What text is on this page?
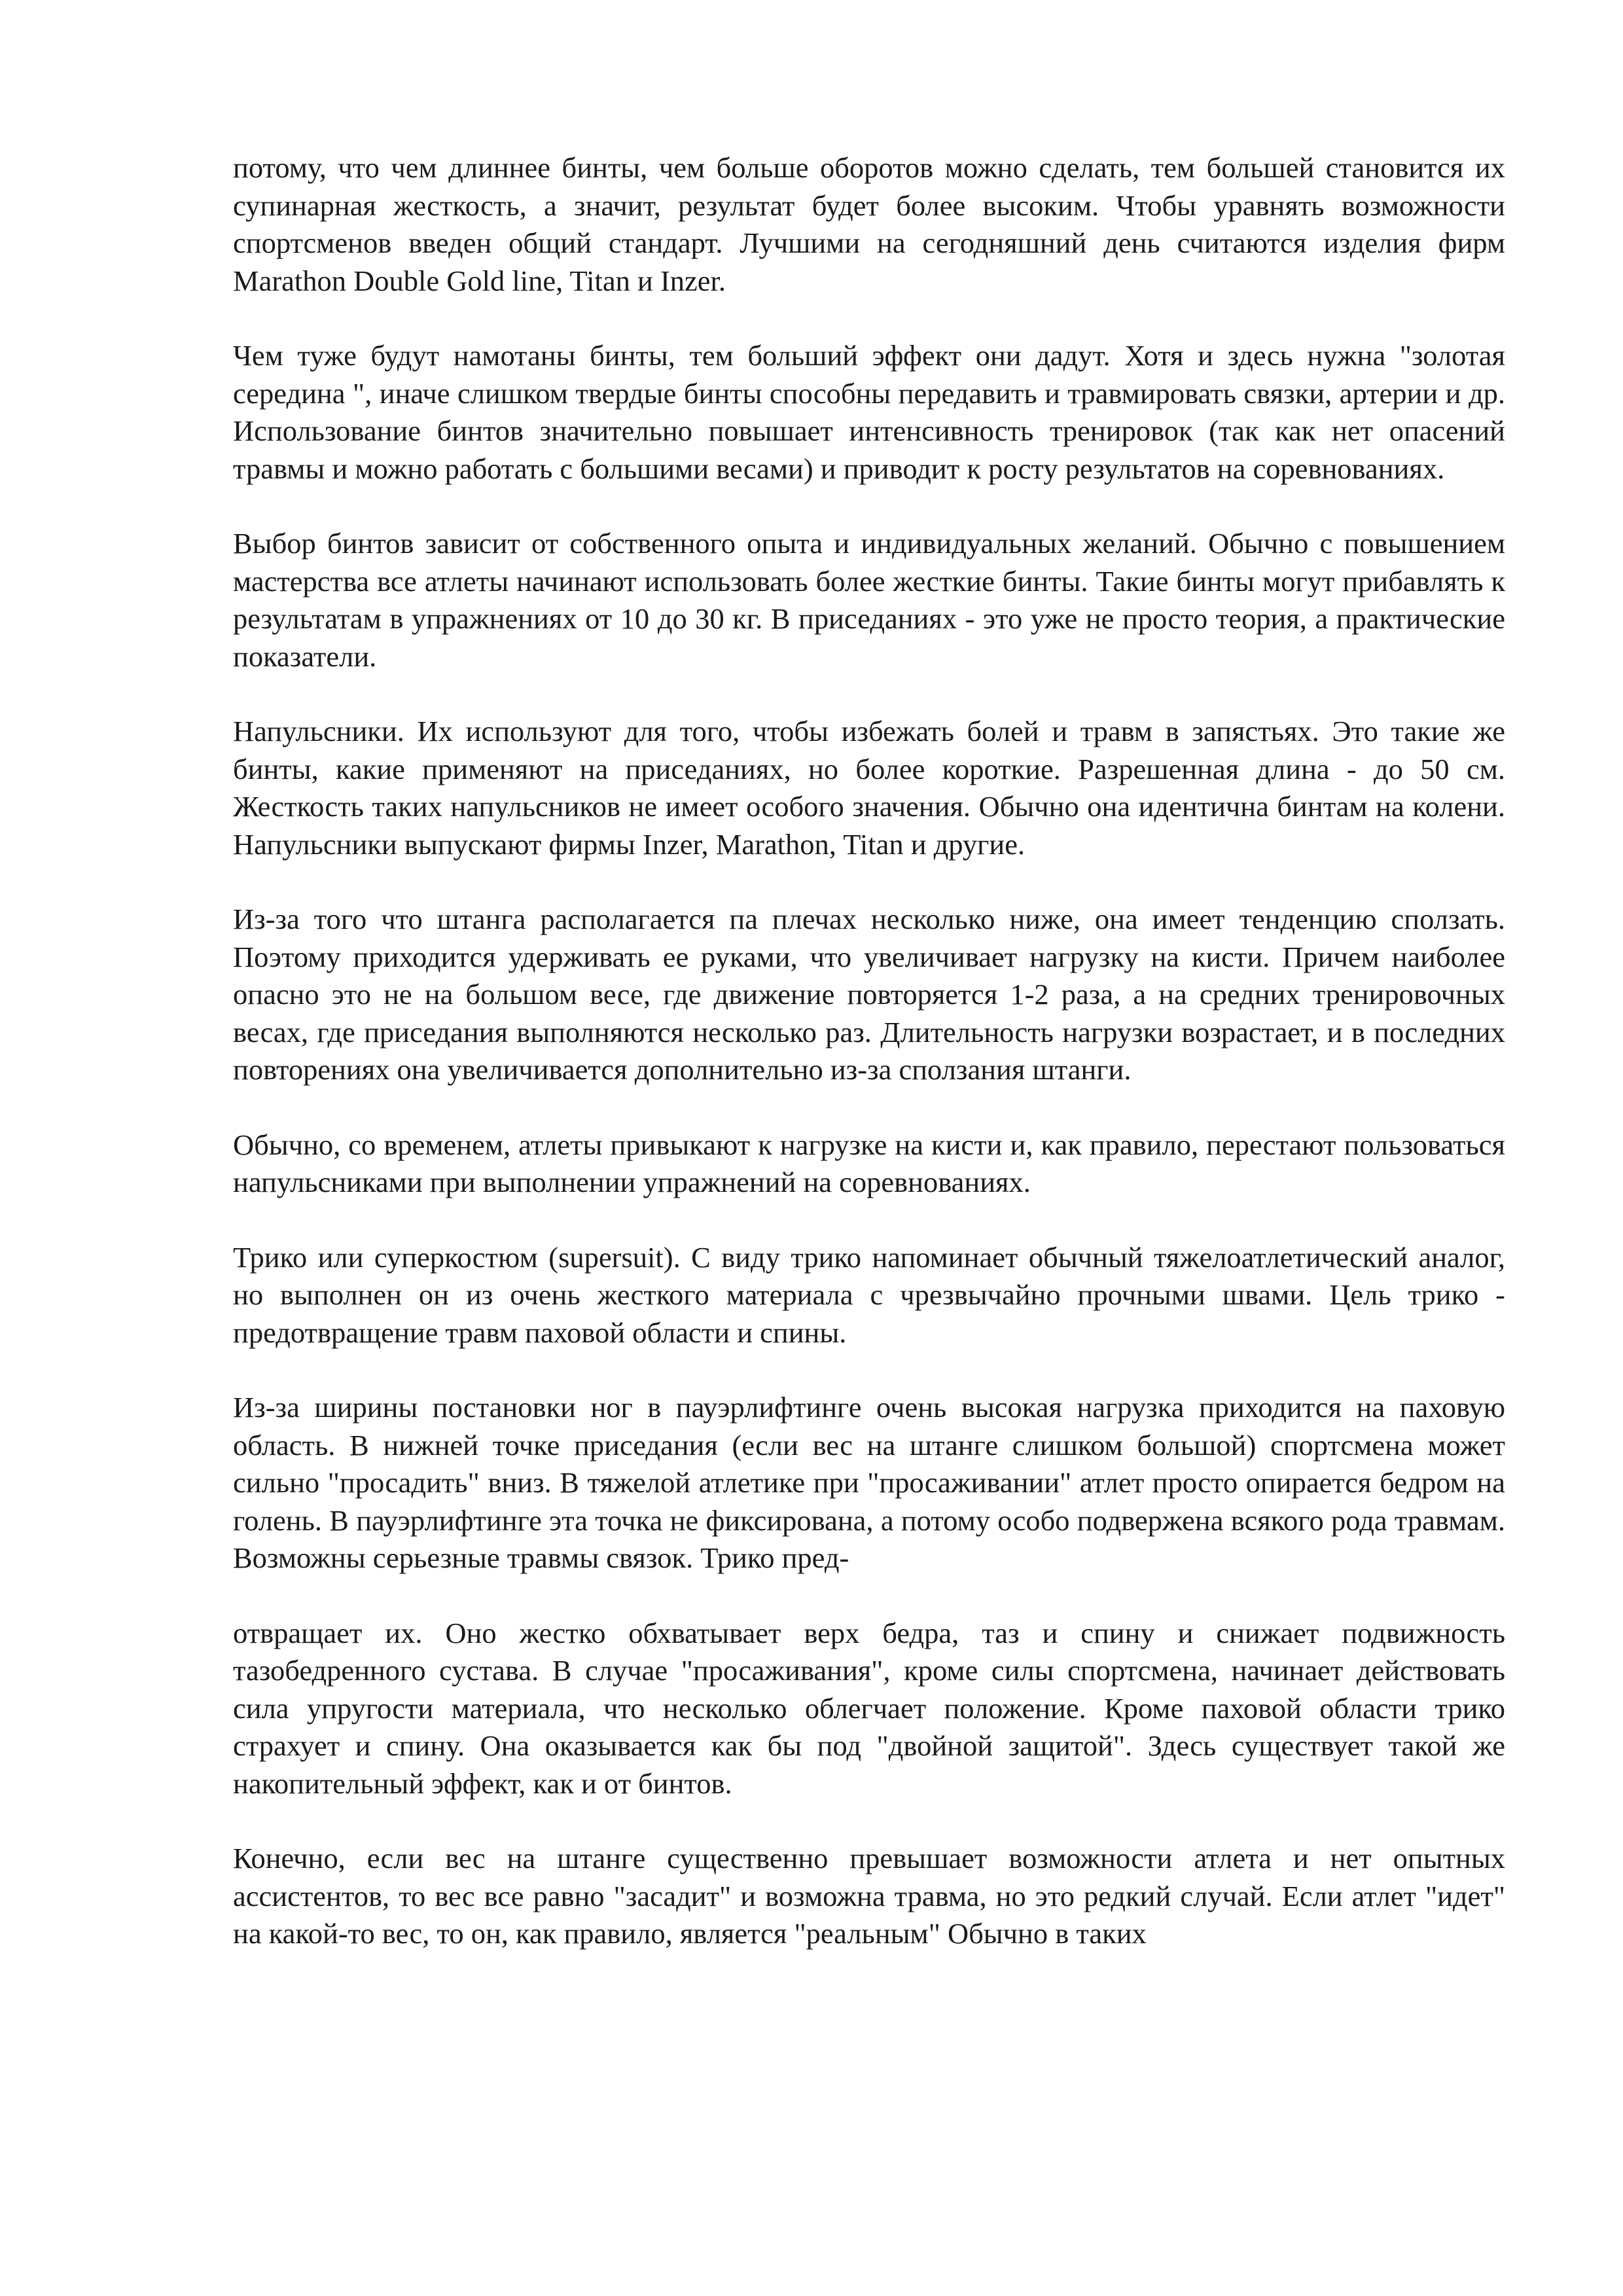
потому, что чем длиннее бинты, чем больше оборотов можно сделать, тем большей становится их супинарная жесткость, а значит, результат будет более высоким. Чтобы уравнять возможности спортсменов введен общий стандарт. Лучшими на сегодняшний день считаются изделия фирм Marathon Double Gold line, Titan и Inzer.

Чем туже будут намотаны бинты, тем больший эффект они дадут. Хотя и здесь нужна "золотая середина ", иначе слишком твердые бинты способны передавить и травмировать связки, артерии и др. Использование бинтов значительно повышает интенсивность тренировок (так как нет опасений травмы и можно работать с большими весами) и приводит к росту результатов на соревнованиях.

Выбор бинтов зависит от собственного опыта и индивидуальных желаний. Обычно с повышением мастерства все атлеты начинают использовать более жесткие бинты. Такие бинты могут прибавлять к результатам в упражнениях от 10 до 30 кг. В приседаниях - это уже не просто теория, а практические показатели.

Напульсники. Их используют для того, чтобы избежать болей и травм в запястьях. Это такие же бинты, какие применяют на приседаниях, но более короткие. Разрешенная длина - до 50 см. Жесткость таких напульсников не имеет особого значения. Обычно она идентична бинтам на колени. Напульсники выпускают фирмы Inzer, Marathon, Titan и другие.

Из-за того что штанга располагается па плечах несколько ниже, она имеет тенденцию сползать. Поэтому приходится удерживать ее руками, что увеличивает нагрузку на кисти. Причем наиболее опасно это не на большом весе, где движение повторяется 1-2 раза, а на средних тренировочных весах, где приседания выполняются несколько раз. Длительность нагрузки возрастает, и в последних повторениях она увеличивается дополнительно из-за сползания штанги.

Обычно, со временем, атлеты привыкают к нагрузке на кисти и, как правило, перестают пользоваться напульсниками при выполнении упражнений на соревнованиях.

Трико или суперкостюм (supersuit). С виду трико напоминает обычный тяжелоатлетический аналог, но выполнен он из очень жесткого материала с чрезвычайно прочными швами. Цель трико - предотвращение травм паховой области и спины.

Из-за ширины постановки ног в пауэрлифтинге очень высокая нагрузка приходится на паховую область. В нижней точке приседания (если вес на штанге слишком большой) спортсмена может сильно "просадить" вниз. В тяжелой атлетике при "просаживании" атлет просто опирается бедром на голень. В пауэрлифтинге эта точка не фиксирована, а потому особо подвержена всякого рода травмам. Возможны серьезные травмы связок. Трико пред-

отвращает их. Оно жестко обхватывает верх бедра, таз и спину и снижает подвижность тазобедренного сустава. В случае "просаживания", кроме силы спортсмена, начинает действовать сила упругости материала, что несколько облегчает положение. Кроме паховой области трико страхует и спину. Она оказывается как бы под "двойной защитой". Здесь существует такой же накопительный эффект, как и от бинтов.

Конечно, если вес на штанге существенно превышает возможности атлета и нет опытных ассистентов, то вес все равно "засадит" и возможна травма, но это редкий случай. Если атлет "идет" на какой-то вес, то он, как правило, является "реальным" Обычно в таких
